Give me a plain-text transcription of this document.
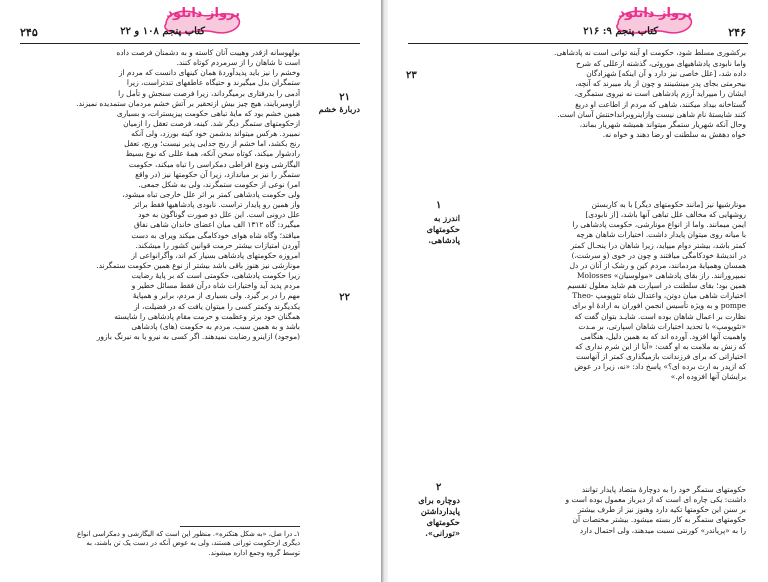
پرواز دانلود
۲۴۵	کتاب پنجم ۱۰۸ و ۲۲
۲۱
دربارهٔ خشم
بولهوسانه ازقدر وهیبت آنان کاسته و به دشمنان فرصت داده
است تا شاهان را از سرمردم کوتاه کنند.
وخشم را نیز باید پدیدآوردهٔ همان کینهای دانست که مردم از
ستمگران بدل میگیرند و حتیگاه عاطفهای تندتراست، زیرا
آدمی را بدرفتاری برمیگرداند، زیرا فرصت سنجش و تأمل را
ازاومیربایند، هیچ چیز بیش ازتحقیر بر آتش خشم مردمان ستمدیده نمیزند.
همین خشم بود که مایهٔ تباهی حکومت پیزیسترات، و بسیاری
ازحکومتهای ستمگر دیگر شد. کینه، فرصت تعقل را ازمیان
نمیبرد. هرکس میتواند بدشمن خود کینه بورزد، ولی آنکه
رنج بکشد، اما خشم از رنج جدایی پذیر نیست؛ ورنج، تعقل
رادشوار میکند، کوتاه سخن آنکه، همهٔ عللی که نوع بسیط
الیگارشی ونوع افراطی دمکراسی را تباه میکند، حکومت
ستمگر را نیز بر میاندازد، زیرا آن حکومتها نیز (در واقع
امر) نوعی از حکومت ستمگرند، ولی به شکل جمعی.
۲۲
ولی حکومت پادشاهی کمتر بر اثر علل خارجی تباه میشود،
واز همین رو پایدار تراست. نابودی پادشاهیها فقط براثر
علل درونی است. این علل دو صورت گوناگون به خود
میگیرد: گاه ۱۳۱۲ الف میان اعضای خاندان شاهی نفاق
میافتد؛ وگاه شاه هوای خودکامگی میکند ویرای به دست
آوردن امتیازات بیشتر حرمت قوانین کشور را میشکند.
امروزه حکومتهای پادشاهی بسیار کم اند، وأگرانواعی از
مونارشی نیز هنوز باقی باشد بیشتر از نوع همین حکومت ستمگرند.
زیرا حکومت پادشاهی، حکومتی است که بر پایهٔ رضایت
مردم پدید آید واختیارات شاه درآن فقط مسائل خطیر و
مهم را در بر گیرد. ولی بسیاری از مردم، برابر و همپایهٔ
یکدیگرند وکمتر کسی را میتوان یافت که در فضیلت، از
همگنان خود برتر وعظمت و حرمت مقام پادشاهی را شایسته
باشد و به همین سبب، مردم به حکومت (های) پادشاهی
(موجود) ازاینرو رضایت نمیدهند. اگر کسی به نیرو یا به نیرنگ بازور
۱ـ درا صل، «به شکل هتکتره». منظور این است که الیگارشی و دمکراسی انواع
دیگری ازحکومت تورانی هستند، ولی به عوض آنکه در دست یک تن باشند، به
توسط گروه وجمع اداره میشوند.
پرواز دانلود
۲۴۶
کتاب پنجم ۹: ۲۱۶
برکشوری مسلط شود، حکومت او آینه توانی است نه پادشاهی.
۲۳
واما نابودی پادشاهیهای موروثی، گذشته ازعللی که شرح
داده شد، [علل خاصی نیز دارد و آن اینکه] شهزادگان
بیحرمتی بجای پدر مینشینند و چون از یاد میبرند که آنچه،
ایشان را میپراید آرزم پادشاهی است نه نیروی ستمگری،
گستاخانه بیداد میکنند، شاهی که مردم از اطاعت او دریغ
کنند شایستهٔ نام شاهی نیست وازاینروبرانداختنش آسان است.
وحال آنکه شهریار ستمگر میتواند همیشه شهریار بماند،
خواه دهقش به سلطنت او رضا دهند و خواه نه.
۱
اندرز به
حکومتهای
پادشاهی.
مونارشیها نیز [مانند حکومتهای دیگر] با به کاربستن
روشهایی که مخالف علل تباهی آنها باشد، [از نابودی]
ایمن میمانند. واما از انواع مونارشی، حکومت پادشاهی را
با میانه روی میتوان پایدار داشت. اختیارات شاهان هرچه
کمتر باشد، بیشتر دوام میپاید، زیرا شاهان درا ینحـال کمتر
در اندیشهٔ خودکامگی میافتند و چون در خوی (و سرشت،)
همسان وهمپایهٔ مردمانند، مردم کین و رشک از آنان در دل
نمیپرورانند. راز بقای پادشاهی «مولوسیان» Molosses
همین بود؛ بقای سلطنت در اسپارت هم شاید معلول تقسیم
اختیارات شاهی میان دوتن، واعتدال شاه تئوپومپ -Theo
pompe و به ویژه تأسیس انجمن افوران به ارادهٔ او برای
نظارت بر اعمال شاهان بوده است. شایـد بتوان گفت که
«تئوپومپ» با تحدید اختیارات شاهان اسپارتی، بر مـدت
واهمیت آنها افزود. آورده اند که به همین دلیل، هنگامی
که زنش به ملامت به او گفت: «آیا از این شرم نداری که
اختیاراتی که برای فرزندانت بازمیگذاری کمتر از آنهاست
که ازپدر به ارث برده ای؟» پاسخ داد: «نه، زیرا در عوض
برایشان آنها افزوده ام.»
۲
دوچاره برای
پایدارداشتن
حکومتهای
«تورانی».
حکومتهای ستمگر خود را به دوچارهٔ متضاد پایدار توانند
داشت: یکی چاره ای است که از دیرباز معمول بوده است و
بر سنن این حکومتها تکیه دارد وهنوز نیز از طرف بیشتر
حکومتهای ستمگر به کار بسته میشود. بیشتر مختصات آن
را به «پریاندر» کورنتی نسبت میدهند، ولی احتمال دارد
